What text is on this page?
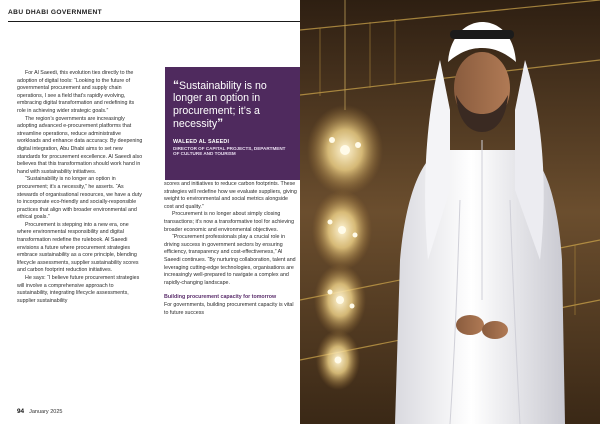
ABU DHABI GOVERNMENT

For Al Saeedi, this evolution ties directly to the adoption of digital tools: “Looking to the future of governmental procurement and supply chain operations, I see a field that’s rapidly evolving, embracing digital transformation and redefining its role in achieving wider strategic goals.”

The region’s governments are increasingly adopting advanced e-procurement platforms that streamline operations, reduce administrative workloads and enhance data accuracy. By deepening digital integration, Abu Dhabi aims to set new standards for procurement excellence. Al Saeedi also believes that this transformation should work hand in hand with sustainability initiatives.

“Sustainability is no longer an option in procurement; it’s a necessity,” he asserts. “As stewards of organisational resources, we have a duty to incorporate eco-friendly and socially-responsible practices that align with broader environmental and ethical goals.”

Procurement is stepping into a new era, one where environmental responsibility and digital transformation redefine the rulebook. Al Saeedi envisions a future where procurement strategies embrace sustainability as a core principle, blending lifecycle assessments, supplier sustainability scores and carbon footprint reduction initiatives.

He says: “I believe future procurement strategies will involve a comprehensive approach to sustainability, integrating lifecycle assessments, supplier sustainability

“Sustainability is no longer an option in procurement; it’s a necessity”
WALEED AL SAEEDI
DIRECTOR OF CAPITAL PROJECTS, DEPARTMENT OF CULTURE AND TOURISM

scores and initiatives to reduce carbon footprints. These strategies will redefine how we evaluate suppliers, giving weight to environmental and social metrics alongside cost and quality.”

Procurement is no longer about simply closing transactions; it’s now a transformative tool for achieving broader economic and environmental objectives.

“Procurement professionals play a crucial role in driving success in government sectors by ensuring efficiency, transparency and cost-effectiveness,” Al Saeedi continues. “By nurturing collaboration, talent and leveraging cutting-edge technologies, organisations are increasingly well-prepared to navigate a complex and rapidly-changing landscape.

Building procurement capacity for tomorrow

For governments, building procurement capacity is vital to future success

94 January 2025
